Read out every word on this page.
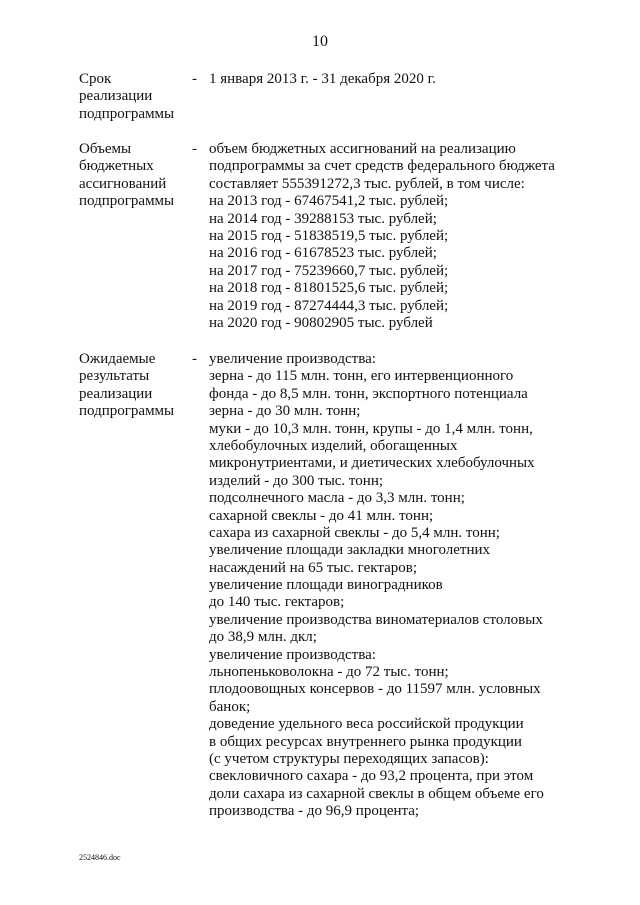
10
Срок
реализации
подпрограммы
- 1 января 2013 г. - 31 декабря 2020 г.
Объемы
бюджетных
ассигнований
подпрограммы
- объем бюджетных ассигнований на реализацию
подпрограммы за счет средств федерального бюджета
составляет 555391272,3 тыс. рублей, в том числе:
на 2013 год - 67467541,2 тыс. рублей;
на 2014 год - 39288153 тыс. рублей;
на 2015 год - 51838519,5 тыс. рублей;
на 2016 год - 61678523 тыс. рублей;
на 2017 год - 75239660,7 тыс. рублей;
на 2018 год - 81801525,6 тыс. рублей;
на 2019 год - 87274444,3 тыс. рублей;
на 2020 год - 90802905 тыс. рублей
Ожидаемые
результаты
реализации
подпрограммы
- увеличение производства:
зерна - до 115 млн. тонн, его интервенционного
фонда - до 8,5 млн. тонн, экспортного потенциала
зерна - до 30 млн. тонн;
муки - до 10,3 млн. тонн, крупы - до 1,4 млн. тонн,
хлебобулочных изделий, обогащенных
микронутриентами, и диетических хлебобулочных
изделий - до 300 тыс. тонн;
подсолнечного масла - до 3,3 млн. тонн;
сахарной свеклы - до 41 млн. тонн;
сахара из сахарной свеклы - до 5,4 млн. тонн;
увеличение площади закладки многолетних
насаждений на 65 тыс. гектаров;
увеличение площади виноградников
до 140 тыс. гектаров;
увеличение производства виноматериалов столовых
до 38,9 млн. дкл;
увеличение производства:
льнопеньковолокна - до 72 тыс. тонн;
плодоовощных консервов - до 11597 млн. условных
банок;
доведение удельного веса российской продукции
в общих ресурсах внутреннего рынка продукции
(с учетом структуры переходящих запасов):
свекловичного сахара - до 93,2 процента, при этом
доли сахара из сахарной свеклы в общем объеме его
производства - до 96,9 процента;
2524846.doc
